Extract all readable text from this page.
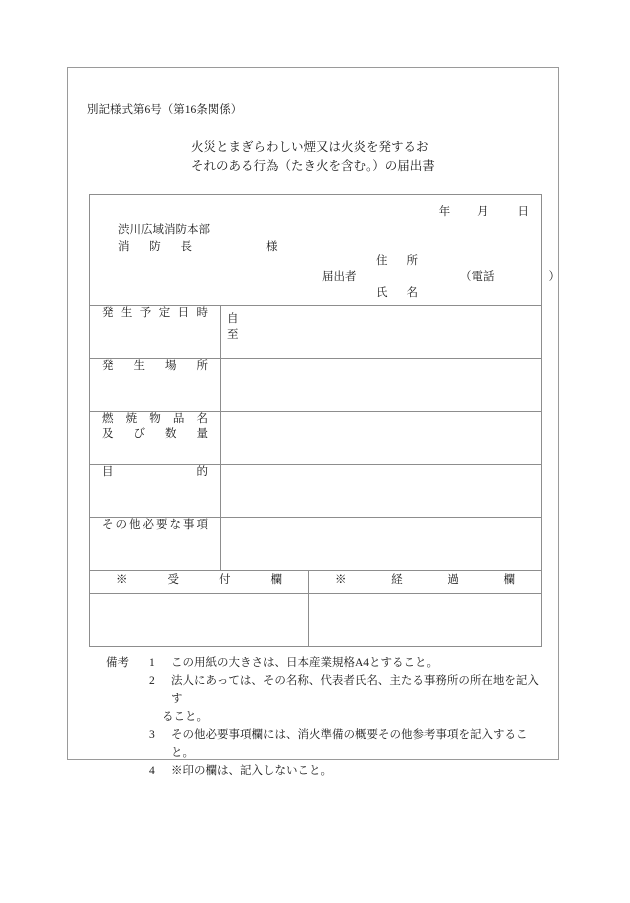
別記様式第6号（第16条関係）
火災とまぎらわしい煙又は火炎を発するお
それのある行為（たき火を含む。）の届出書
年 月	日
渋川広域消防本部
消防長	様
住所
届出者	（電話	）
氏名

発生予定日時	自
至	

発生場所		

燃焼物品名
及び数量		

目的		

その他必要な事項		

※受付欄		※経過欄

備考 1 この用紙の大きさは、日本産業規格A4とすること。
2 法人にあっては、その名称、代表者氏名、主たる事務所の所在地を記入す
ること。
3 その他必要事項欄には、消火準備の概要その他参考事項を記入すること。
4 ※印の欄は、記入しないこと。
